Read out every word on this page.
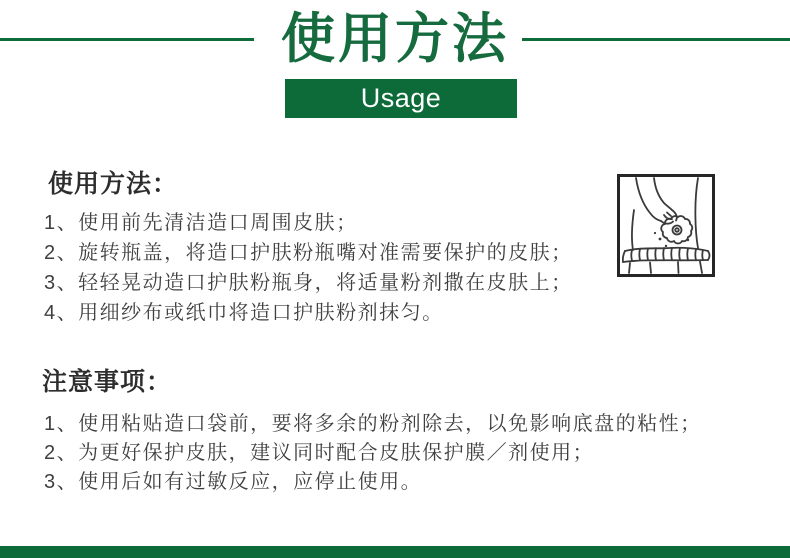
使用方法
Usage
使用方法：
1、使用前先清洁造口周围皮肤；
2、旋转瓶盖，将造口护肤粉瓶嘴对准需要保护的皮肤；
3、轻轻晃动造口护肤粉瓶身，将适量粉剂撒在皮肤上；
4、用细纱布或纸巾将造口护肤粉剂抹匀。
注意事项：
1、使用粘贴造口袋前，要将多余的粉剂除去，以免影响底盘的粘性；
2、为更好保护皮肤，建议同时配合皮肤保护膜／剂使用；
3、使用后如有过敏反应，应停止使用。
